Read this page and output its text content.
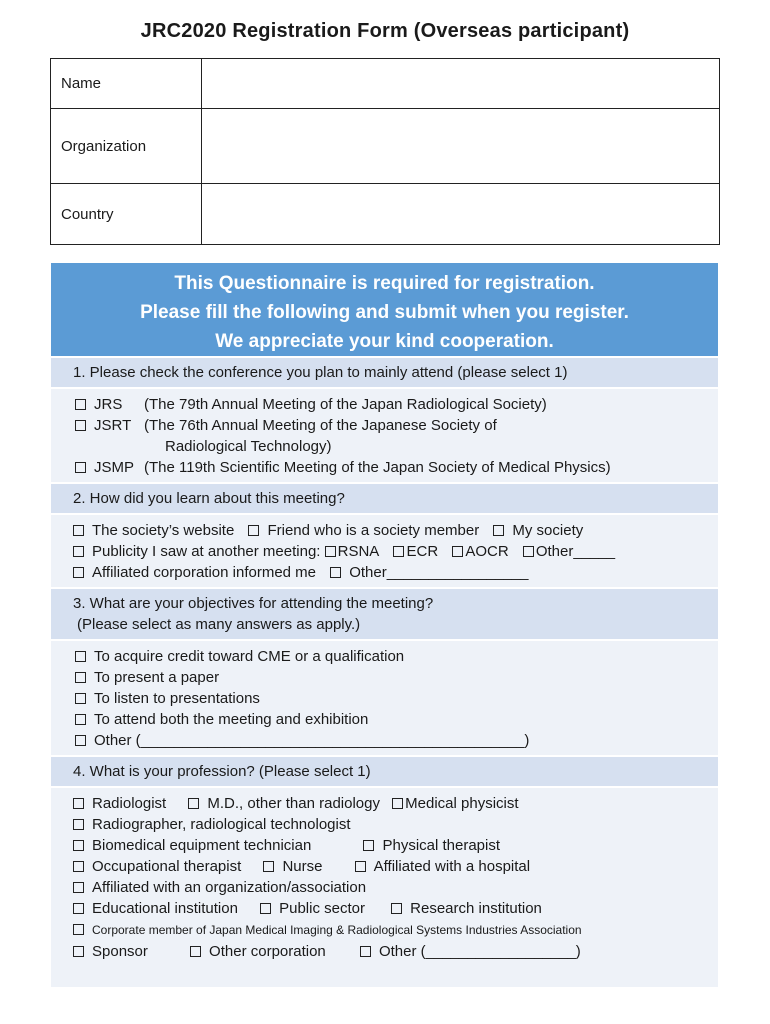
JRC2020 Registration Form (Overseas participant)
Name	
Organization	
Country	
This Questionnaire is required for registration.
Please fill the following and submit when you register.
We appreciate your kind cooperation.
1. Please check the conference you plan to mainly attend (please select 1)
JRS (The 79th Annual Meeting of the Japan Radiological Society)
JSRT (The 76th Annual Meeting of the Japanese Society of
Radiological Technology)
JSMP (The 119th Scientific Meeting of the Japan Society of Medical Physics)
2. How did you learn about this meeting?
The society’s website Friend who is a society member My society
Publicity I saw at another meeting: RSNA ECR AOCR Other_____
Affiliated corporation informed me Other_________________
3. What are your objectives for attending the meeting?
(Please select as many answers as apply.)
To acquire credit toward CME or a qualification
To present a paper
To listen to presentations
To attend both the meeting and exhibition
Other (______________________________________________)
4. What is your profession? (Please select 1)
Radiologist	M.D., other than radiology Medical physicist
Radiographer, radiological technologist
Biomedical equipment technician	Physical therapist
Occupational therapist	Nurse	Affiliated with a hospital
Affiliated with an organization/association
Educational institution	Public sector	Research institution
Corporate member of Japan Medical Imaging & Radiological Systems Industries Association
Sponsor	Other corporation	Other (__________________)
